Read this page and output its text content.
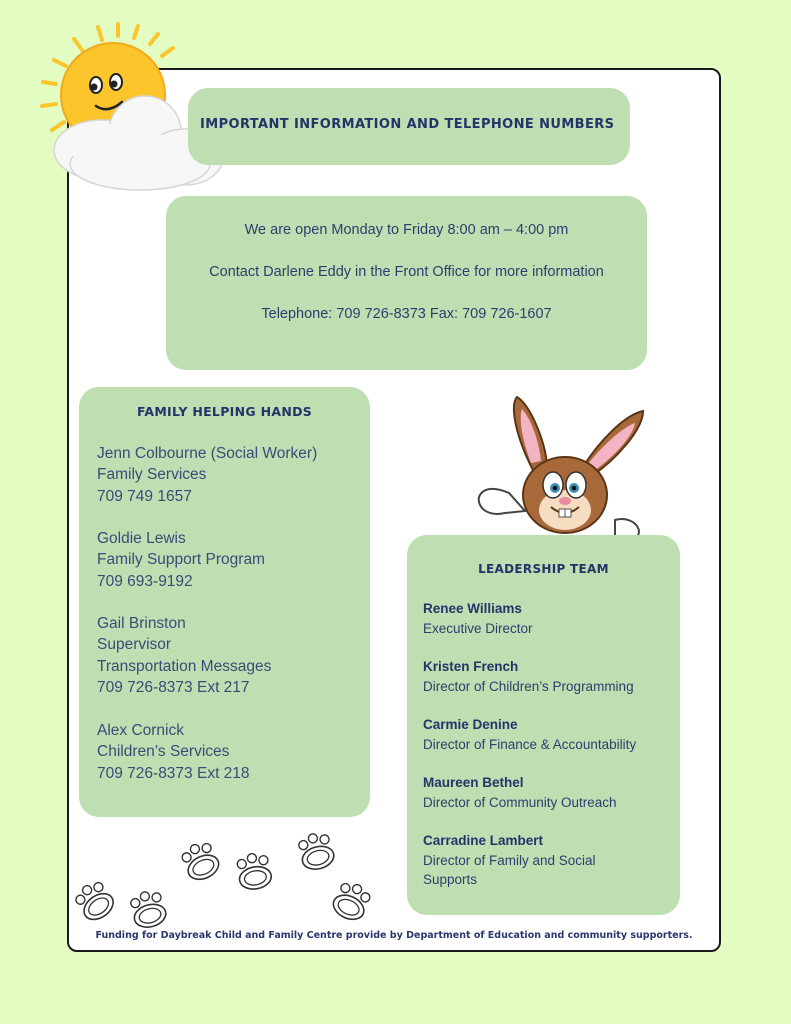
IMPORTANT INFORMATION AND TELEPHONE NUMBERS

We are open Monday to Friday 8:00 am – 4:00 pm

Contact Darlene Eddy in the Front Office for more information

Telephone: 709 726-8373 Fax: 709 726-1607

FAMILY HELPING HANDS
Jenn Colbourne (Social Worker)
Family Services
709 749 1657
Goldie Lewis
Family Support Program
709 693-9192
Gail Brinston
Supervisor
Transportation Messages
709 726-8373 Ext 217
Alex Cornick
Children’s Services
709 726-8373 Ext 218
LEADERSHIP TEAM
Renee Williams
Executive Director
Kristen French
Director of Children’s Programming
Carmie Denine
Director of Finance & Accountability
Maureen Bethel
Director of Community Outreach
Carradine Lambert
Director of Family and Social Supports
Funding for Daybreak Child and Family Centre provide by Department of Education and community supporters.
